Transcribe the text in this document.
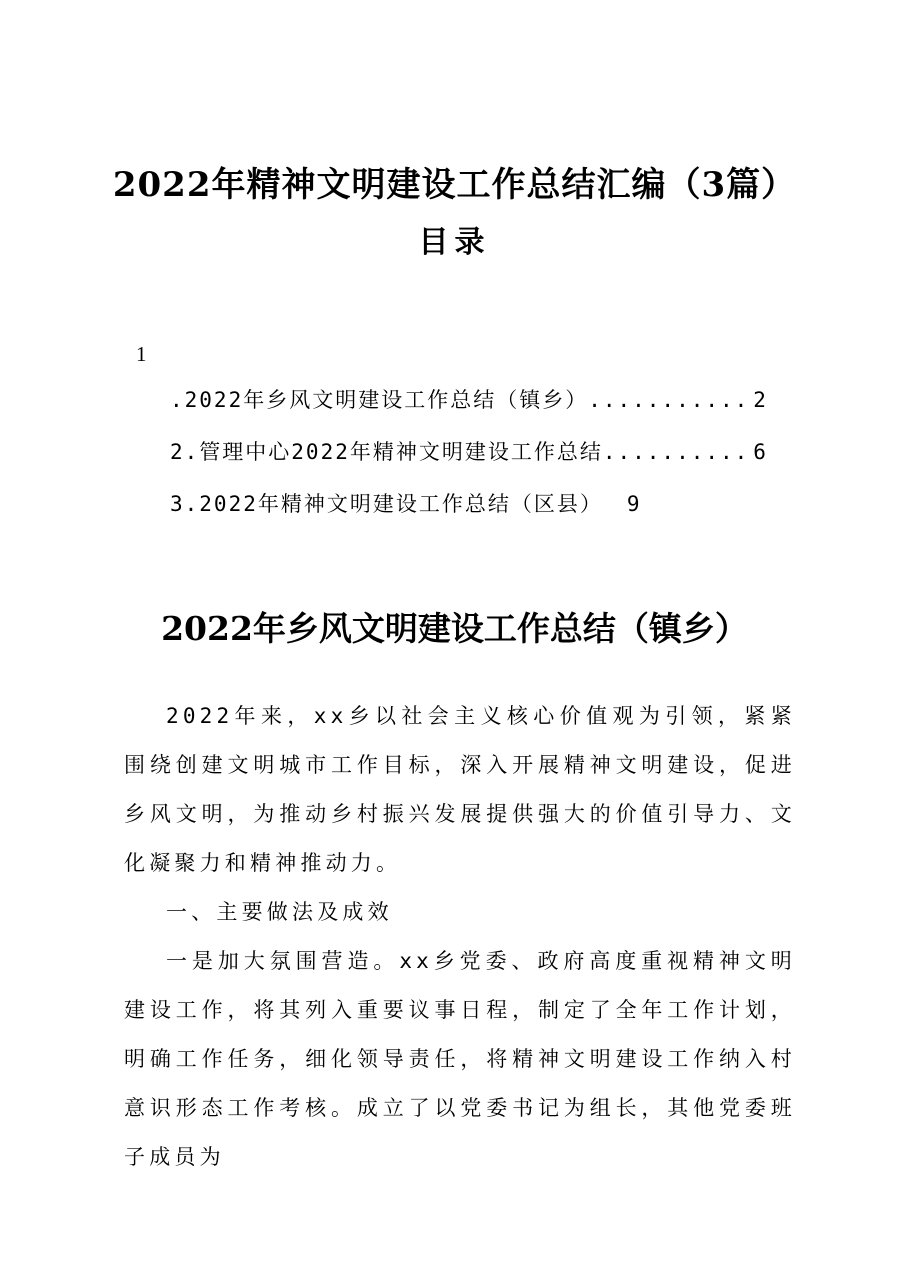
2022年精神文明建设工作总结汇编（3篇）
目录
1
.2022年乡风文明建设工作总结（镇乡）........... 2
2.管理中心2022年精神文明建设工作总结.......... 6
3.2022年精神文明建设工作总结（区县） 9
2022年乡风文明建设工作总结（镇乡）

2022年来，xx乡以社会主义核心价值观为引领，紧紧围绕创建文明城市工作目标，深入开展精神文明建设，促进乡风文明，为推动乡村振兴发展提供强大的价值引导力、文化凝聚力和精神推动力。

一、主要做法及成效

一是加大氛围营造。xx乡党委、政府高度重视精神文明建设工作，将其列入重要议事日程，制定了全年工作计划，明确工作任务，细化领导责任，将精神文明建设工作纳入村意识形态工作考核。成立了以党委书记为组长，其他党委班子成员为
